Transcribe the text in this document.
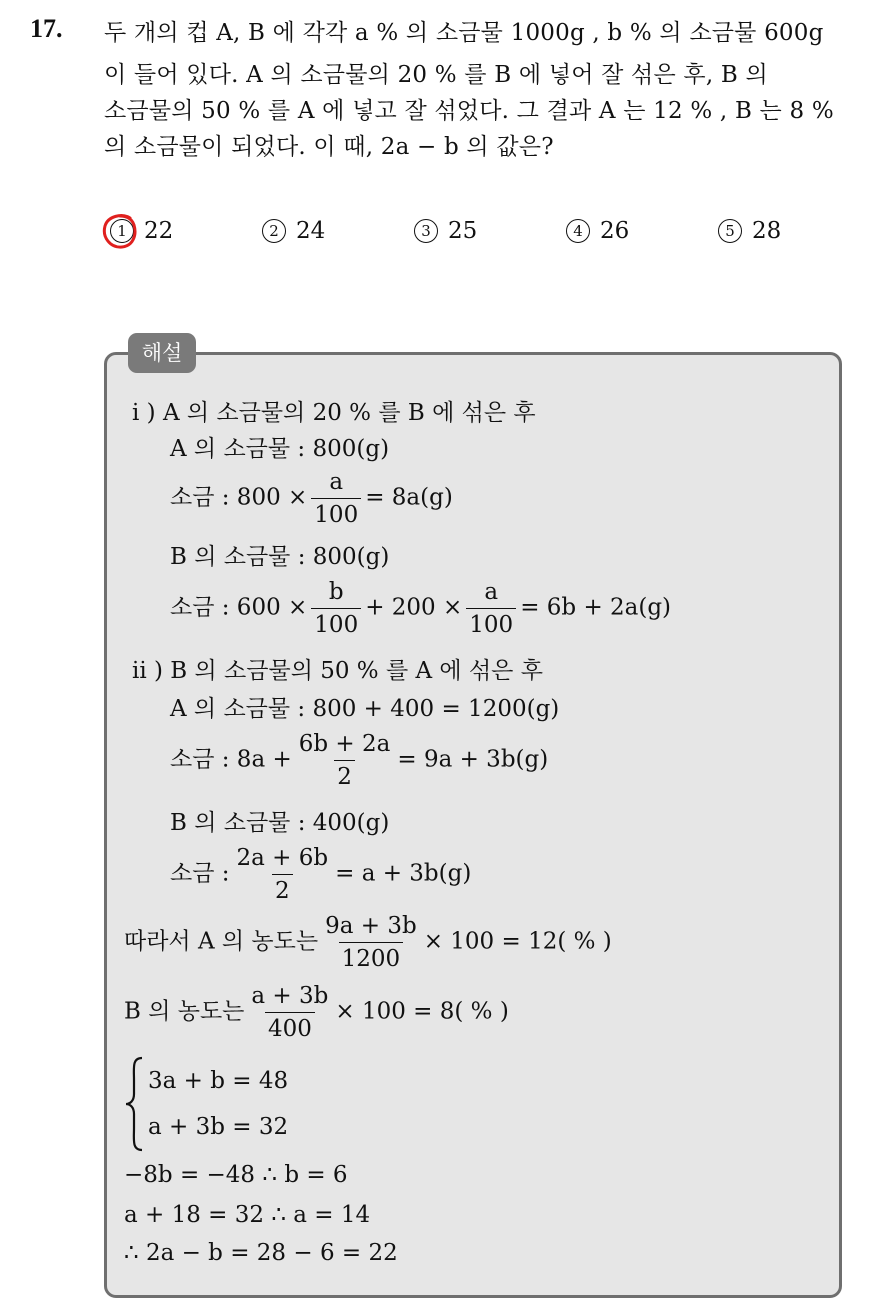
17. 두 개의 컵 A, B 에 각각 a % 의 소금물 1000g , b % 의 소금물 600g
이 들어 있다. A 의 소금물의 20 % 를 B 에 넣어 잘 섞은 후, B 의
소금물의 50 % 를 A 에 넣고 잘 섞었다. 그 결과 A 는 12 % , B 는 8 %
의 소금물이 되었다. 이 때, 2a − b 의 값은?
1 22	2 24	3 25	4 26	5 28
해설
i ) A 의 소금물의 20 % 를 B 에 섞은 후
A 의 소금물 : 800(g)
소금 : $800 \times \frac{a}{100} = 8a(g)$
B 의 소금물 : 800(g)
소금 : $600 \times \frac{b}{100} + 200 \times \frac{a}{100} = 6b + 2a(g)$
ii ) B 의 소금물의 50 % 를 A 에 섞은 후
A 의 소금물 : 800 + 400 = 1200(g)
소금 : $8a + \frac{6b + 2a}{2} = 9a + 3b(g)$
B 의 소금물 : 400(g)
소금 : $\frac{2a + 6b}{2} = a + 3b(g)$
따라서 A 의 농도는 $\frac{9a + 3b}{1200} \times 100 = 12$( % )
B 의 농도는 $\frac{a + 3b}{400} \times 100 = 8$( % )
3a + b = 48
a + 3b = 32
−8b = −48 ∴ b = 6
a + 18 = 32 ∴ a = 14
∴ 2a − b = 28 − 6 = 22
